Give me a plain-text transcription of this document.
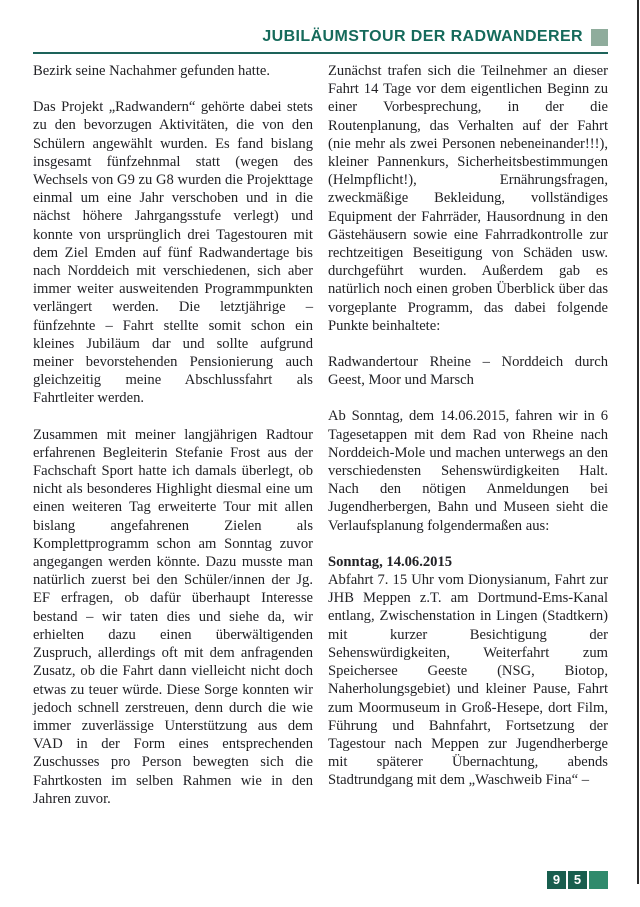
JUBILÄUMSTOUR DER RADWANDERER

Bezirk seine Nachahmer gefunden hatte.

Das Projekt „Radwandern“ gehörte dabei stets zu den bevorzugen Aktivitäten, die von den Schülern angewählt wurden. Es fand bislang insgesamt fünfzehnmal statt (wegen des Wechsels von G9 zu G8 wurden die Projekttage einmal um eine Jahr verschoben und in die nächst höhere Jahrgangsstufe verlegt) und konnte von ursprünglich drei Tagestouren mit dem Ziel Emden auf fünf Radwandertage bis nach Norddeich mit verschiedenen, sich aber immer weiter ausweitenden Programmpunkten verlängert werden. Die letztjährige – fünfzehnte – Fahrt stellte somit schon ein kleines Jubiläum dar und sollte aufgrund meiner bevorstehenden Pensionierung auch gleichzeitig meine Abschlussfahrt als Fahrtleiter werden.

Zusammen mit meiner langjährigen Radtour erfahrenen Begleiterin Stefanie Frost aus der Fachschaft Sport hatte ich damals überlegt, ob nicht als besonderes Highlight diesmal eine um einen weiteren Tag erweiterte Tour mit allen bislang angefahrenen Zielen als Komplettprogramm schon am Sonntag zuvor angegangen werden könnte. Dazu musste man natürlich zuerst bei den Schüler/innen der Jg. EF erfragen, ob dafür überhaupt Interesse bestand – wir taten dies und siehe da, wir erhielten dazu einen überwältigenden Zuspruch, allerdings oft mit dem anfragenden Zusatz, ob die Fahrt dann vielleicht nicht doch etwas zu teuer würde. Diese Sorge konnten wir jedoch schnell zerstreuen, denn durch die wie immer zuverlässige Unterstützung aus dem VAD in der Form eines entsprechenden Zuschusses pro Person bewegten sich die Fahrtkosten im selben Rahmen wie in den Jahren zuvor.

Zunächst trafen sich die Teilnehmer an dieser Fahrt 14 Tage vor dem eigentlichen Beginn zu einer Vorbesprechung, in der die Routenplanung, das Verhalten auf der Fahrt (nie mehr als zwei Personen nebeneinander!!!), kleiner Pannenkurs, Sicherheitsbestimmungen (Helmpflicht!), Ernährungsfragen, zweckmäßige Bekleidung, vollständiges Equipment der Fahrräder, Hausordnung in den Gästehäusern sowie eine Fahrradkontrolle zur rechtzeitigen Beseitigung von Schäden usw. durchgeführt wurden. Außerdem gab es natürlich noch einen groben Überblick über das vorgeplante Programm, das dabei folgende Punkte beinhaltete:

Radwandertour Rheine – Norddeich durch Geest, Moor und Marsch

Ab Sonntag, dem 14.06.2015, fahren wir in 6 Tagesetappen mit dem Rad von Rheine nach Norddeich-Mole und machen unterwegs an den verschiedensten Sehenswürdigkeiten Halt. Nach den nötigen Anmeldungen bei Jugendherbergen, Bahn und Museen sieht die Verlaufsplanung folgendermaßen aus:

Sonntag, 14.06.2015

Abfahrt 7. 15 Uhr vom Dionysianum, Fahrt zur JHB Meppen z.T. am Dortmund-Ems-Kanal entlang, Zwischenstation in Lingen (Stadtkern) mit kurzer Besichtigung der Sehenswürdigkeiten, Weiterfahrt zum Speichersee Geeste (NSG, Biotop, Naherholungsgebiet) und kleiner Pause, Fahrt zum Moormuseum in Groß-Hesepe, dort Film, Führung und Bahnfahrt, Fortsetzung der Tagestour nach Meppen zur Jugendherberge mit späterer Übernachtung, abends Stadtrundgang mit dem „Waschweib Fina“ –

9	5
